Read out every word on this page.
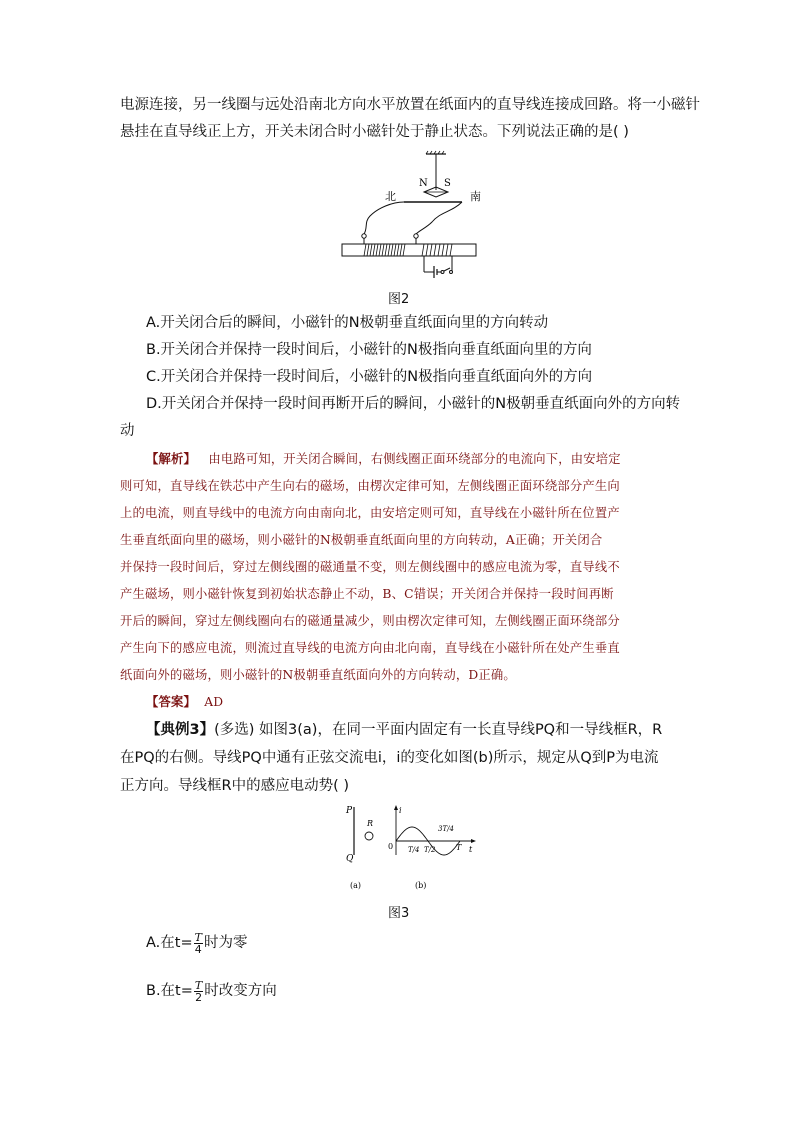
电源连接，另一线圈与远处沿南北方向水平放置在纸面内的直导线连接成回路。将一小磁针
悬挂在直导线正上方，开关未闭合时小磁针处于静止状态。下列说法正确的是( )
N S
北	南
图2
A.开关闭合后的瞬间，小磁针的N极朝垂直纸面向里的方向转动
B.开关闭合并保持一段时间后，小磁针的N极指向垂直纸面向里的方向
C.开关闭合并保持一段时间后，小磁针的N极指向垂直纸面向外的方向
D.开关闭合并保持一段时间再断开后的瞬间，小磁针的N极朝垂直纸面向外的方向转
动
【解析】 由电路可知，开关闭合瞬间，右侧线圈正面环绕部分的电流向下，由安培定
则可知，直导线在铁芯中产生向右的磁场，由楞次定律可知，左侧线圈正面环绕部分产生向
上的电流，则直导线中的电流方向由南向北，由安培定则可知，直导线在小磁针所在位置产
生垂直纸面向里的磁场，则小磁针的N极朝垂直纸面向里的方向转动，A正确；开关闭合
并保持一段时间后，穿过左侧线圈的磁通量不变，则左侧线圈中的感应电流为零，直导线不
产生磁场，则小磁针恢复到初始状态静止不动，B、C错误；开关闭合并保持一段时间再断
开后的瞬间，穿过左侧线圈向右的磁通量减少，则由楞次定律可知，左侧线圈正面环绕部分
产生向下的感应电流，则流过直导线的电流方向由北向南，直导线在小磁针所在处产生垂直
纸面向外的磁场，则小磁针的N极朝垂直纸面向外的方向转动，D正确。
【答案】 AD
【典例3】(多选) 如图3(a)，在同一平面内固定有一长直导线PQ和一导线框R，R
在PQ的右侧。导线PQ中通有正弦交流电i，i的变化如图(b)所示，规定从Q到P为电流
正方向。导线框R中的感应电动势( )
P
Q
R
i
t
0 T/4 T/2
3T/4
T
(a)	(b)
图3
A.在$t= \frac{T}{4}$ 时为零
B.在$t= \frac{T}{2}$ 时改变方向
